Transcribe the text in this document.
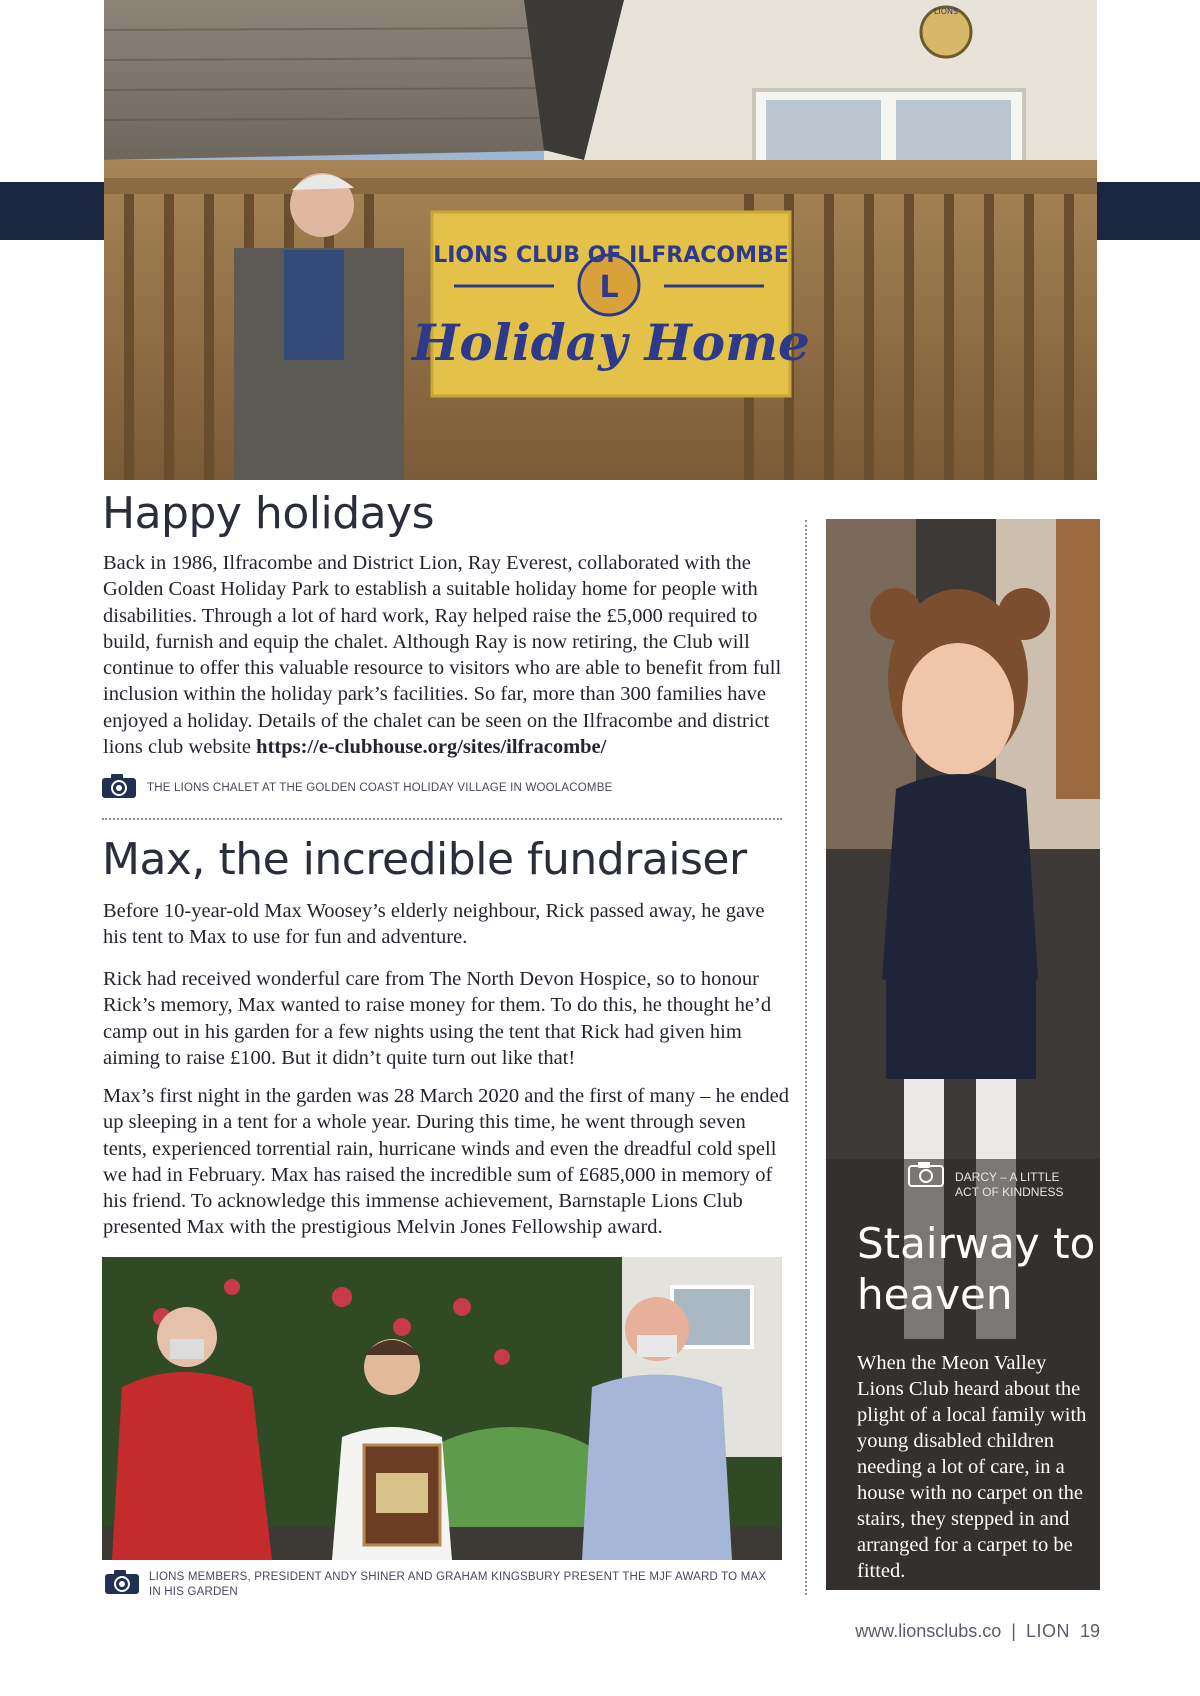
L
LIONS CLUB OF ILFRACOMBE
Holiday Home
LIONS
Happy holidays

Back in 1986, Ilfracombe and District Lion, Ray Everest, collaborated with the Golden Coast Holiday Park to establish a suitable holiday home for people with disabilities. Through a lot of hard work, Ray helped raise the £5,000 required to build, furnish and equip the chalet. Although Ray is now retiring, the Club will continue to offer this valuable resource to visitors who are able to benefit from full inclusion within the holiday park’s facilities. So far, more than 300 families have enjoyed a holiday. Details of the chalet can be seen on the Ilfracombe and district lions club website https://e-clubhouse.org/sites/ilfracombe/

THE LIONS CHALET AT THE GOLDEN COAST HOLIDAY VILLAGE IN WOOLACOMBE
Max, the incredible fundraiser

Before 10-year-old Max Woosey’s elderly neighbour, Rick passed away, he gave his tent to Max to use for fun and adventure.

Rick had received wonderful care from The North Devon Hospice, so to honour Rick’s memory, Max wanted to raise money for them. To do this, he thought he’d camp out in his garden for a few nights using the tent that Rick had given him aiming to raise £100. But it didn’t quite turn out like that!

Max’s first night in the garden was 28 March 2020 and the first of many – he ended up sleeping in a tent for a whole year. During this time, he went through seven tents, experienced torrential rain, hurricane winds and even the dreadful cold spell we had in February. Max has raised the incredible sum of £685,000 in memory of his friend. To acknowledge this immense achievement, Barnstaple Lions Club presented Max with the prestigious Melvin Jones Fellowship award.

LIONS MEMBERS, PRESIDENT ANDY SHINER AND GRAHAM KINGSBURY PRESENT THE MJF AWARD TO MAX IN HIS GARDEN
DARCY – A LITTLE ACT OF KINDNESS
Stairway to heaven

When the Meon Valley Lions Club heard about the plight of a local family with young disabled children needing a lot of care, in a house with no carpet on the stairs, they stepped in and arranged for a carpet to be fitted.

www.lionsclubs.co | LION 19
